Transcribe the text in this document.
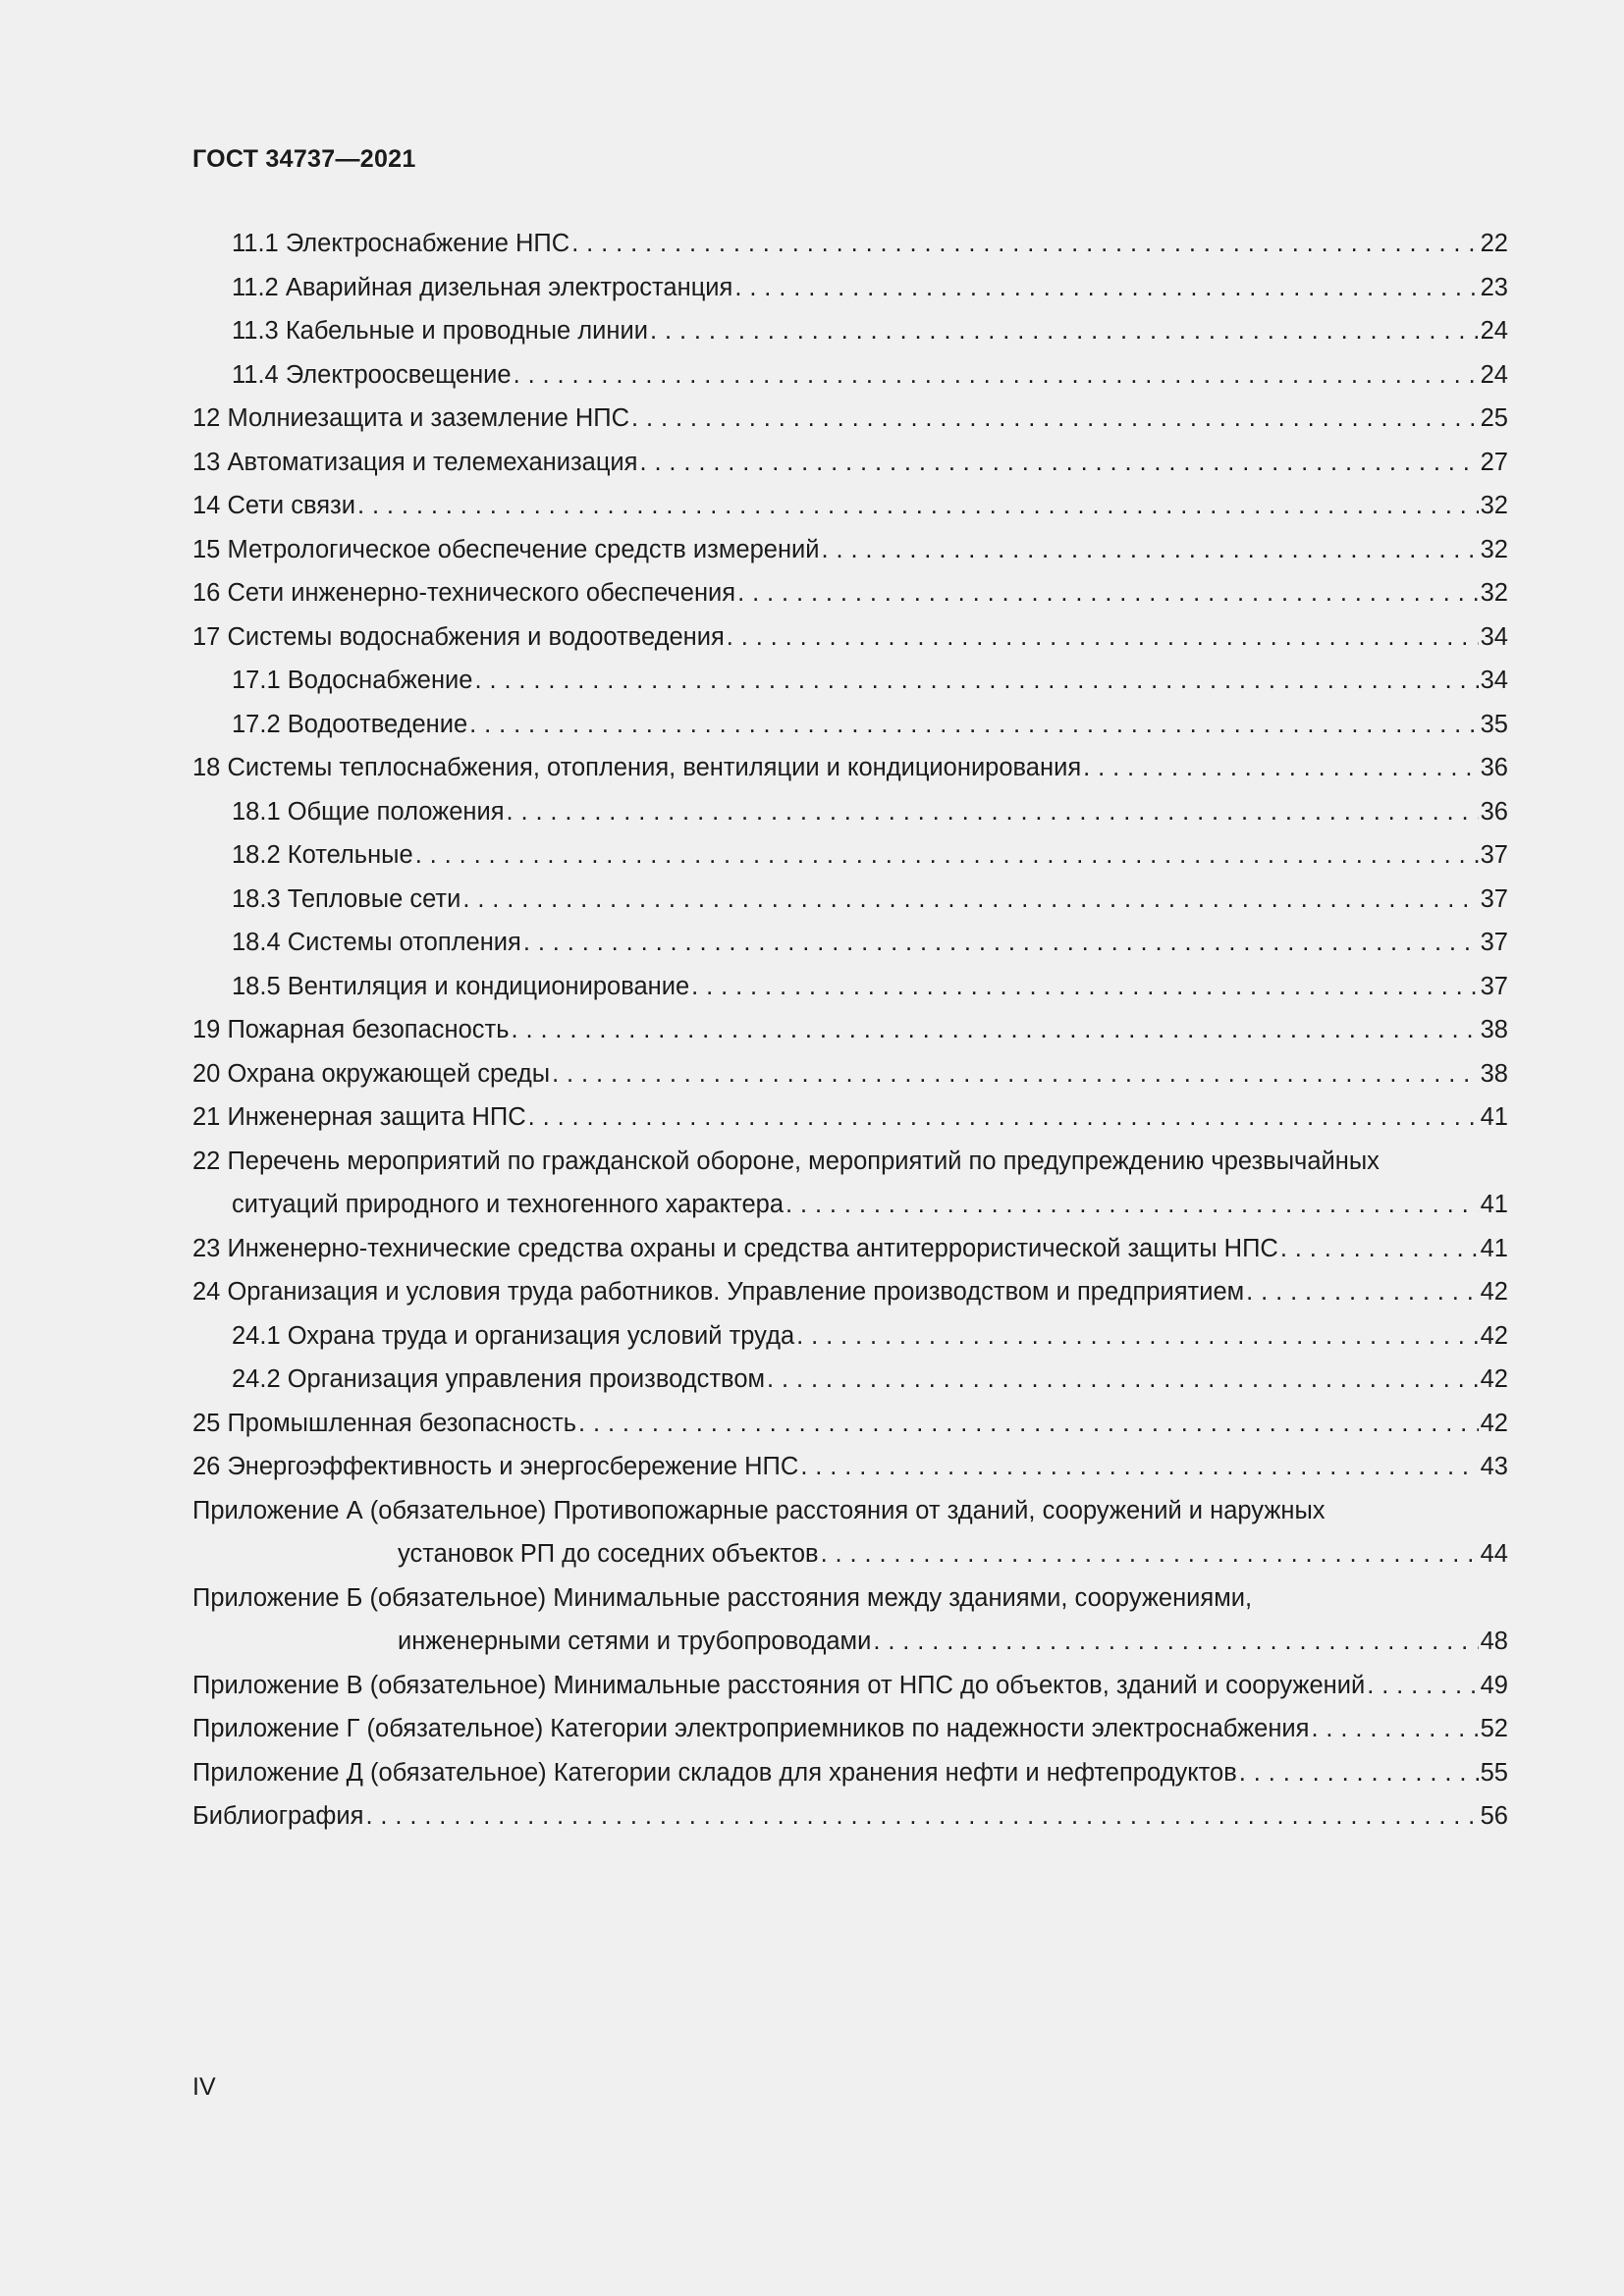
ГОСТ 34737—2021
11.1 Электроснабжение НПС . . .	22
11.2 Аварийная дизельная электростанция . . .	23
11.3 Кабельные и проводные линии . . .	24
11.4 Электроосвещение . . .	24
12 Молниезащита и заземление НПС . . .	25
13 Автоматизация и телемеханизация . . .	27
14 Сети связи . . .	32
15 Метрологическое обеспечение средств измерений . . .	32
16 Сети инженерно-технического обеспечения . . .	32
17 Системы водоснабжения и водоотведения . . .	34
17.1 Водоснабжение . . .	34
17.2 Водоотведение . . .	35
18 Системы теплоснабжения, отопления, вентиляции и кондиционирования . . .	36
18.1 Общие положения . . .	36
18.2 Котельные . . .	37
18.3 Тепловые сети . . .	37
18.4 Системы отопления . . .	37
18.5 Вентиляция и кондиционирование . . .	37
19 Пожарная безопасность . . .	38
20 Охрана окружающей среды . . .	38
21 Инженерная защита НПС . . .	41
22 Перечень мероприятий по гражданской обороне, мероприятий по предупреждению чрезвычайных
ситуаций природного и техногенного характера . . .	41
23 Инженерно-технические средства охраны и средства антитеррористической защиты НПС . . .	41
24 Организация и условия труда работников. Управление производством и предприятием . . .	42
24.1 Охрана труда и организация условий труда . . .	42
24.2 Организация управления производством . . .	42
25 Промышленная безопасность . . .	42
26 Энергоэффективность и энергосбережение НПС . . .	43
Приложение А (обязательное) Противопожарные расстояния от зданий, сооружений и наружных
установок РП до соседних объектов . . .	44
Приложение Б (обязательное) Минимальные расстояния между зданиями, сооружениями,
инженерными сетями и трубопроводами . . .	48
Приложение В (обязательное) Минимальные расстояния от НПС до объектов, зданий и сооружений . . .	49
Приложение Г (обязательное) Категории электроприемников по надежности электроснабжения . . .	52
Приложение Д (обязательное) Категории складов для хранения нефти и нефтепродуктов . . .	55
Библиография . . .	56
IV
